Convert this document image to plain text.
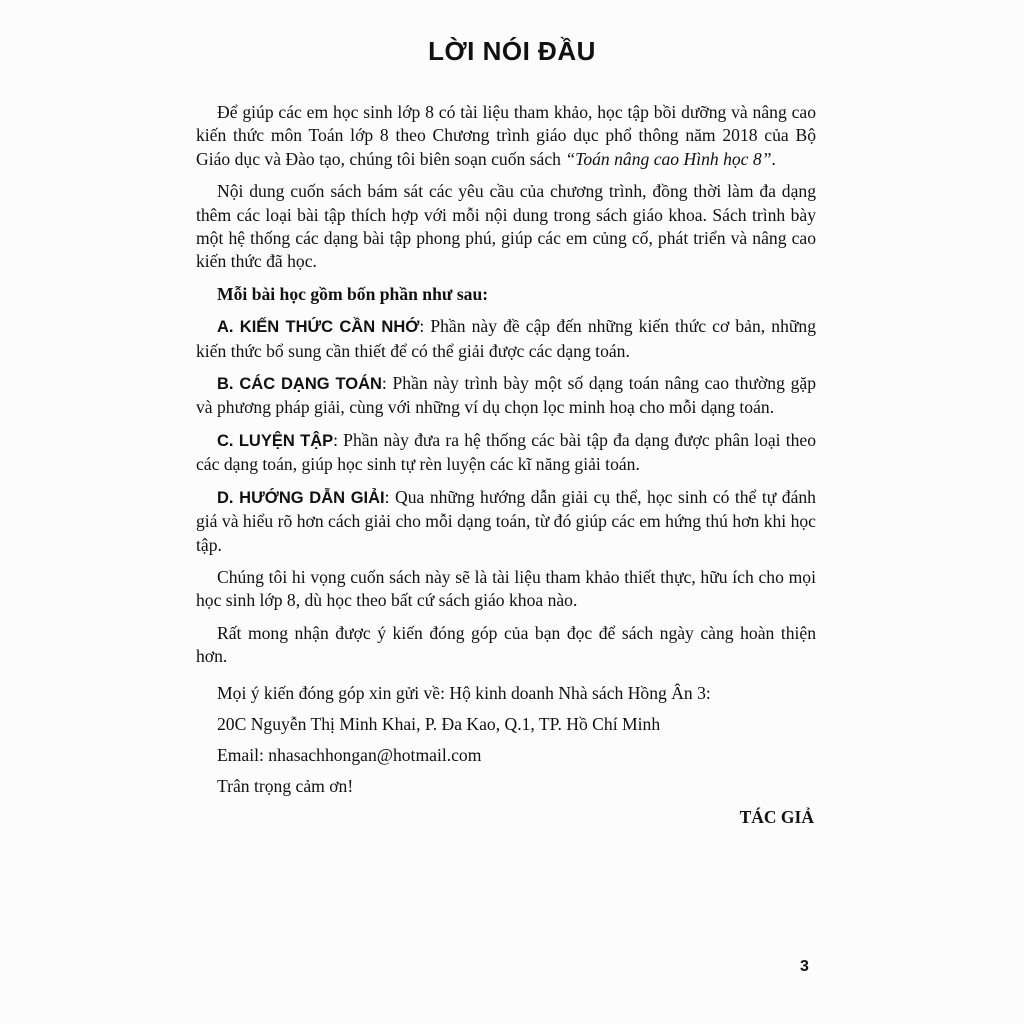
LỜI NÓI ĐẦU

Để giúp các em học sinh lớp 8 có tài liệu tham khảo, học tập bồi dưỡng và nâng cao kiến thức môn Toán lớp 8 theo Chương trình giáo dục phổ thông năm 2018 của Bộ Giáo dục và Đào tạo, chúng tôi biên soạn cuốn sách “Toán nâng cao Hình học 8”.

Nội dung cuốn sách bám sát các yêu cầu của chương trình, đồng thời làm đa dạng thêm các loại bài tập thích hợp với mỗi nội dung trong sách giáo khoa. Sách trình bày một hệ thống các dạng bài tập phong phú, giúp các em củng cố, phát triển và nâng cao kiến thức đã học.

Mỗi bài học gồm bốn phần như sau:

A. KIẾN THỨC CẦN NHỚ: Phần này đề cập đến những kiến thức cơ bản, những kiến thức bổ sung cần thiết để có thể giải được các dạng toán.

B. CÁC DẠNG TOÁN: Phần này trình bày một số dạng toán nâng cao thường gặp và phương pháp giải, cùng với những ví dụ chọn lọc minh hoạ cho mỗi dạng toán.

C. LUYỆN TẬP: Phần này đưa ra hệ thống các bài tập đa dạng được phân loại theo các dạng toán, giúp học sinh tự rèn luyện các kĩ năng giải toán.

D. HƯỚNG DẪN GIẢI: Qua những hướng dẫn giải cụ thể, học sinh có thể tự đánh giá và hiểu rõ hơn cách giải cho mỗi dạng toán, từ đó giúp các em hứng thú hơn khi học tập.

Chúng tôi hi vọng cuốn sách này sẽ là tài liệu tham khảo thiết thực, hữu ích cho mọi học sinh lớp 8, dù học theo bất cứ sách giáo khoa nào.

Rất mong nhận được ý kiến đóng góp của bạn đọc để sách ngày càng hoàn thiện hơn.

Mọi ý kiến đóng góp xin gửi về: Hộ kinh doanh Nhà sách Hồng Ân 3:

20C Nguyễn Thị Minh Khai, P. Đa Kao, Q.1, TP. Hồ Chí Minh

Email: nhasachhongan@hotmail.com

Trân trọng cảm ơn!

TÁC GIẢ
3
